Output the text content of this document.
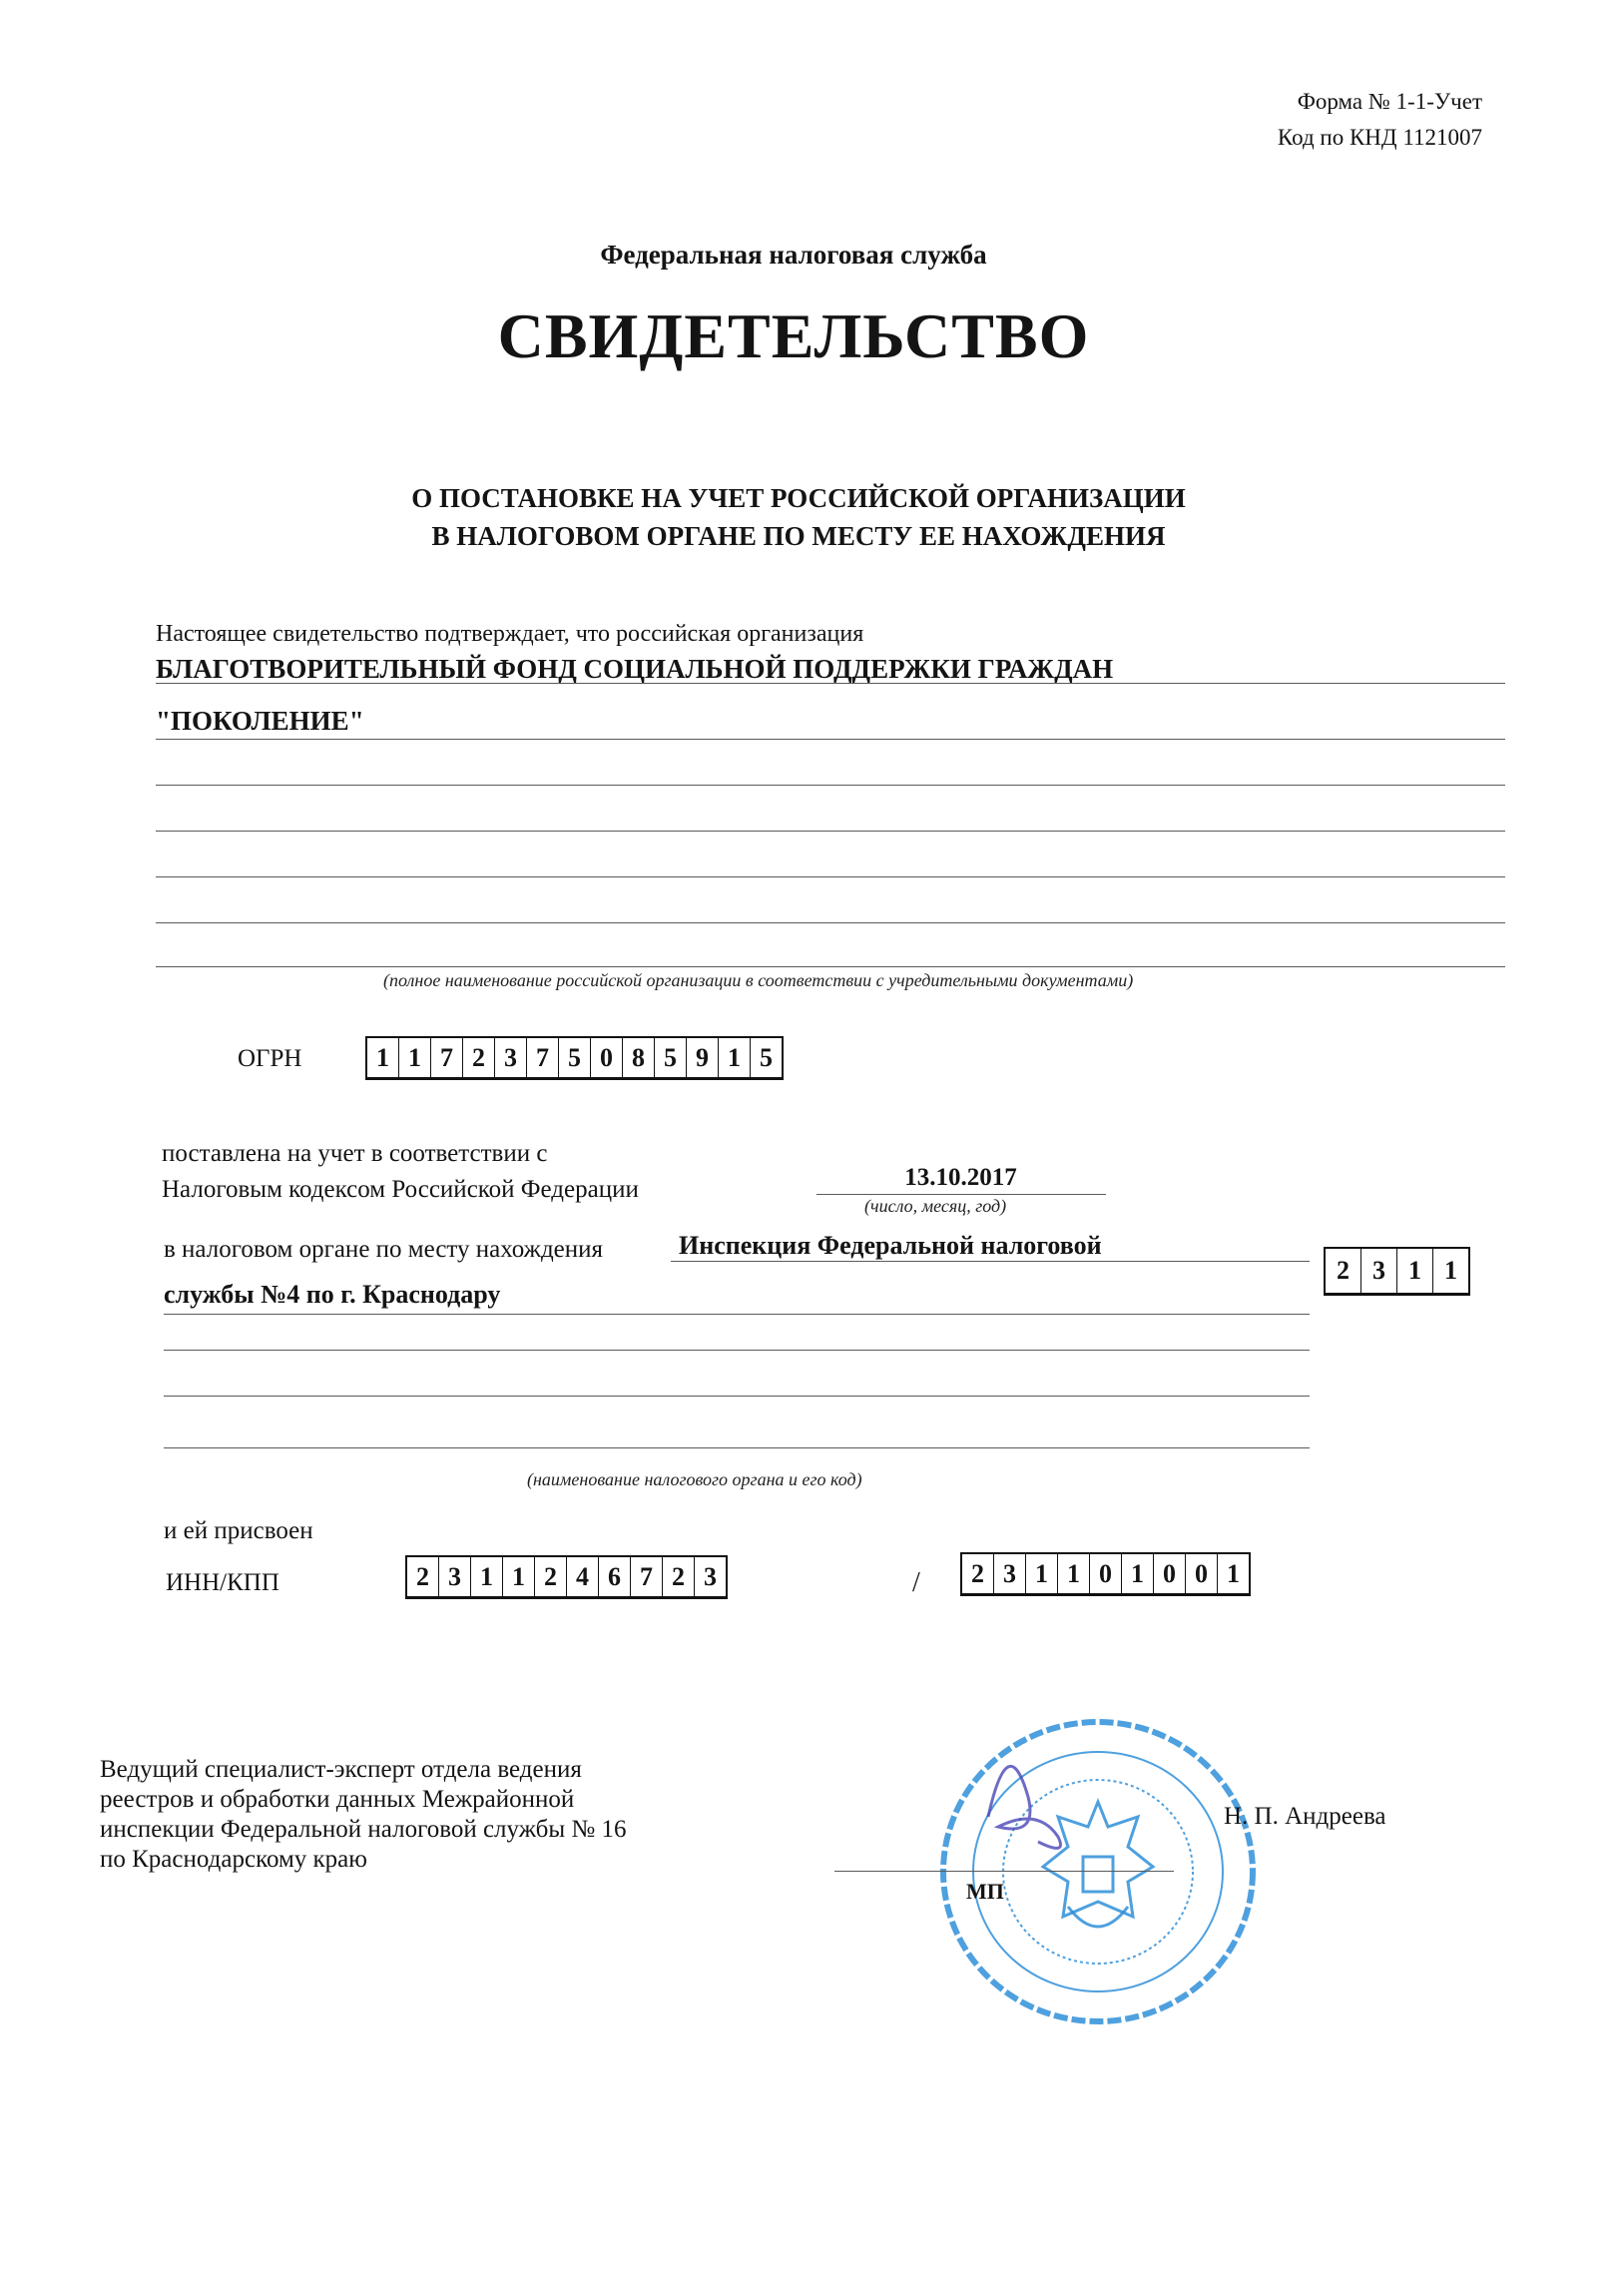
Форма № 1-1-Учет
Код по КНД 1121007
Федеральная налоговая служба
СВИДЕТЕЛЬСТВО
О ПОСТАНОВКЕ НА УЧЕТ РОССИЙСКОЙ ОРГАНИЗАЦИИ
В НАЛОГОВОМ ОРГАНЕ ПО МЕСТУ ЕЕ НАХОЖДЕНИЯ
Настоящее свидетельство подтверждает, что российская организация
БЛАГОТВОРИТЕЛЬНЫЙ ФОНД СОЦИАЛЬНОЙ ПОДДЕРЖКИ ГРАЖДАН
"ПОКОЛЕНИЕ"
(полное наименование российской организации в соответствии с учредительными документами)
ОГРН	1 1 7 2 3 7 5 0 8 5 9 1 5
поставлена на учет в соответствии с
Налоговым кодексом Российской Федерации	13.10.2017
(число, месяц, год)
в налоговом органе по месту нахождения	Инспекция Федеральной налоговой
службы №4 по г. Краснодару
2 3 1 1
(наименование налогового органа и его код)
и ей присвоен
ИНН/КПП	2 3 1 1 2 4 6 7 2 3	/	2 3 1 1 0 1 0 0 1
Ведущий специалист-эксперт отдела ведения
реестров и обработки данных Межрайонной
инспекции Федеральной налоговой службы № 16
по Краснодарскому краю
Н. П. Андреева
МП
